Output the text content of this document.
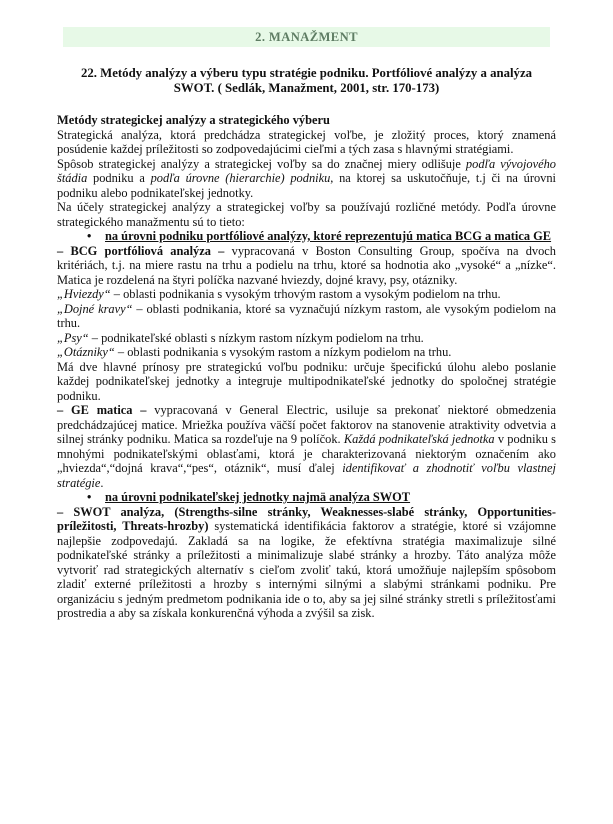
2. MANAŽMENT
22. Metódy analýzy a výberu typu stratégie podniku. Portfóliové analýzy a analýza
SWOT. ( Sedlák, Manažment, 2001, str. 170-173)

Metódy strategickej analýzy a strategického výberu

Strategická analýza, ktorá predchádza strategickej voľbe, je zložitý proces, ktorý znamená posúdenie každej príležitosti so zodpovedajúcimi cieľmi a tých zasa s hlavnými stratégiami.

Spôsob strategickej analýzy a strategickej voľby sa do značnej miery odlišuje podľa vývojového štádia podniku a podľa úrovne (hierarchie) podniku, na ktorej sa uskutočňuje, t.j či na úrovni podniku alebo podnikateľskej jednotky.

Na účely strategickej analýzy a strategickej voľby sa používajú rozličné metódy. Podľa úrovne strategického manažmentu sú to tieto:

• na úrovni podniku portfóliové analýzy, ktoré reprezentujú matica BCG a matica GE

– BCG portfóliová analýza – vypracovaná v Boston Consulting Group, spočíva na dvoch kritériách, t.j. na miere rastu na trhu a podielu na trhu, ktoré sa hodnotia ako „vysoké“ a „nízke“. Matica je rozdelená na štyri políčka nazvané hviezdy, dojné kravy, psy, otázniky.

„Hviezdy“ – oblasti podnikania s vysokým trhovým rastom a vysokým podielom na trhu.

„Dojné kravy“ – oblasti podnikania, ktoré sa vyznačujú nízkym rastom, ale vysokým podielom na trhu.

„Psy“ – podnikateľské oblasti s nízkym rastom nízkym podielom na trhu.

„Otázniky“ – oblasti podnikania s vysokým rastom a nízkym podielom na trhu.

Má dve hlavné prínosy pre strategickú voľbu podniku: určuje špecifickú úlohu alebo poslanie každej podnikateľskej jednotky a integruje multipodnikateľské jednotky do spoločnej stratégie podniku.

– GE matica – vypracovaná v General Electric, usiluje sa prekonať niektoré obmedzenia predchádzajúcej matice. Mriežka používa väčší počet faktorov na stanovenie atraktivity odvetvia a silnej stránky podniku. Matica sa rozdeľuje na 9 políčok. Každá podnikateľská jednotka v podniku s mnohými podnikateľskými oblasťami, ktorá je charakterizovaná niektorým označením ako „hviezda“,“dojná krava“,“pes“, otáznik“, musí ďalej identifikovať a zhodnotiť voľbu vlastnej stratégie.

• na úrovni podnikateľskej jednotky najmä analýza SWOT

– SWOT analýza, (Strengths-silne stránky, Weaknesses-slabé stránky, Opportunities-príležitosti, Threats-hrozby) systematická identifikácia faktorov a stratégie, ktoré si vzájomne najlepšie zodpovedajú. Zakladá sa na logike, že efektívna stratégia maximalizuje silné podnikateľské stránky a príležitosti a minimalizuje slabé stránky a hrozby. Táto analýza môže vytvoriť rad strategických alternatív s cieľom zvoliť takú, ktorá umožňuje najlepším spôsobom zladiť externé príležitosti a hrozby s internými silnými a slabými stránkami podniku. Pre organizáciu s jedným predmetom podnikania ide o to, aby sa jej silné stránky stretli s príležitosťami prostredia a aby sa získala konkurenčná výhoda a zvýšil sa zisk.
